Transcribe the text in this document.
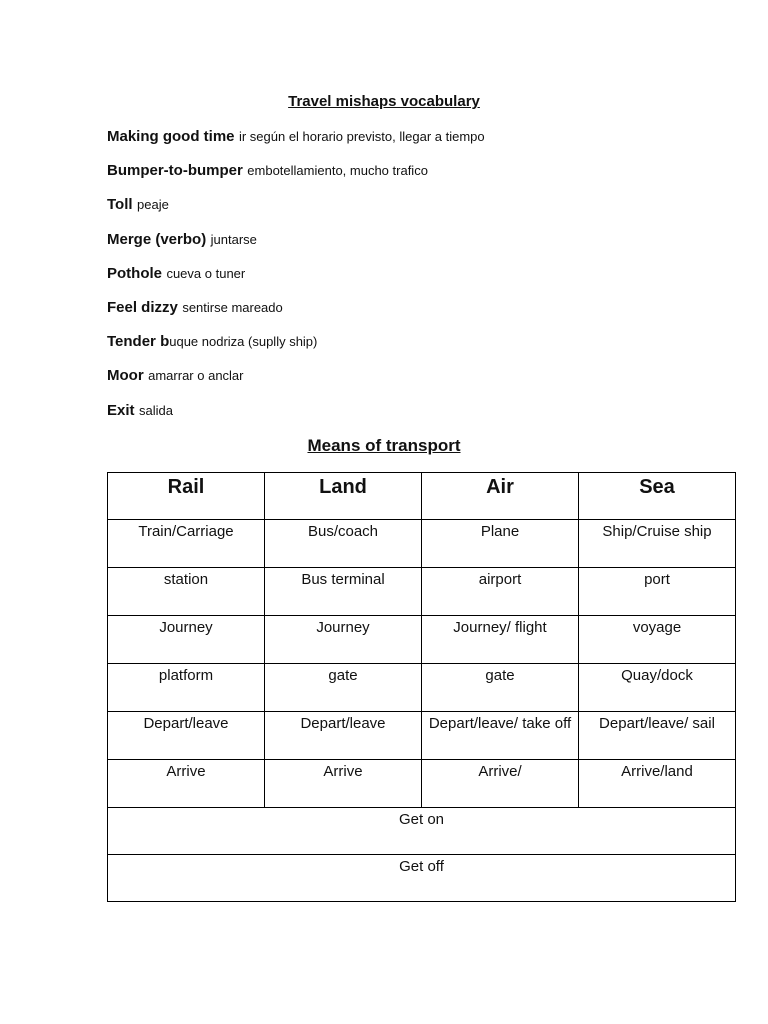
Travel mishaps vocabulary
Making good time ir según el horario previsto, llegar a tiempo
Bumper-to-bumper embotellamiento, mucho trafico
Toll peaje
Merge (verbo) juntarse
Pothole cueva o tuner
Feel dizzy sentirse mareado
Tender buque nodriza (suplly ship)
Moor amarrar o anclar
Exit salida
Means of transport
Rail	Land	Air	Sea
Train/Carriage	Bus/coach	Plane	Ship/Cruise ship
station	Bus terminal	airport	port
Journey	Journey	Journey/ flight	voyage
platform	gate	gate	Quay/dock
Depart/leave	Depart/leave	Depart/leave/ take off	Depart/leave/ sail
Arrive	Arrive	Arrive/	Arrive/land
Get on			
Get off			
